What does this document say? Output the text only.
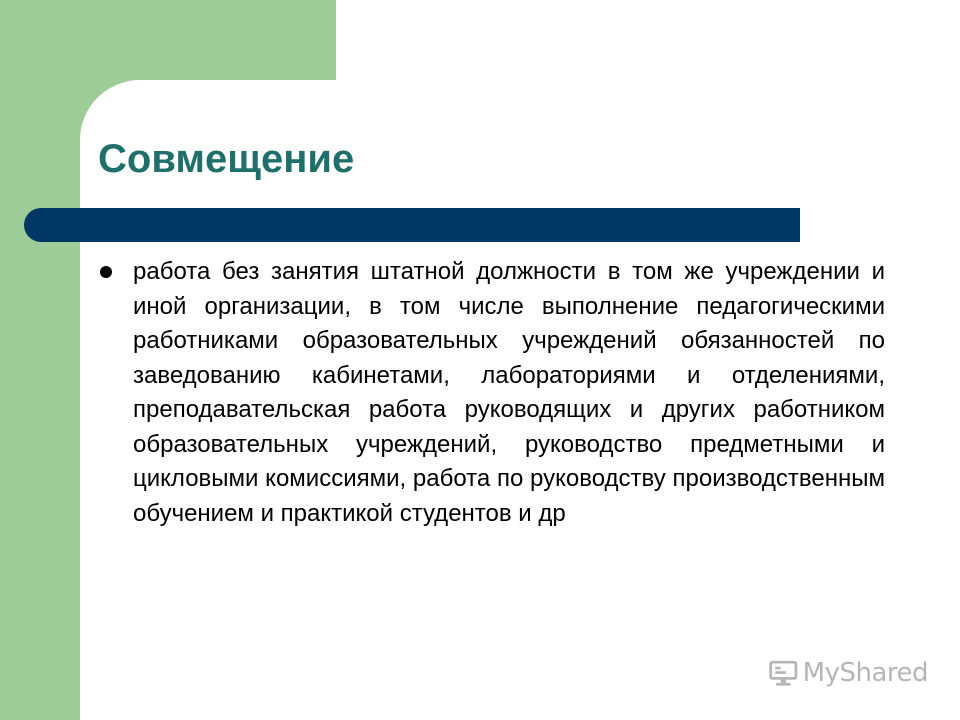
Совмещение
работа без занятия штатной должности в том же учреждении и иной организации, в том числе выполнение педагогическими работниками образовательных учреждений обязанностей по заведованию кабинетами, лабораториями и отделениями, преподавательская работа руководящих и других работником образовательных учреждений, руководство предметными и цикловыми комиссиями, работа по руководству производственным обучением и практикой студентов и др
MyShared
